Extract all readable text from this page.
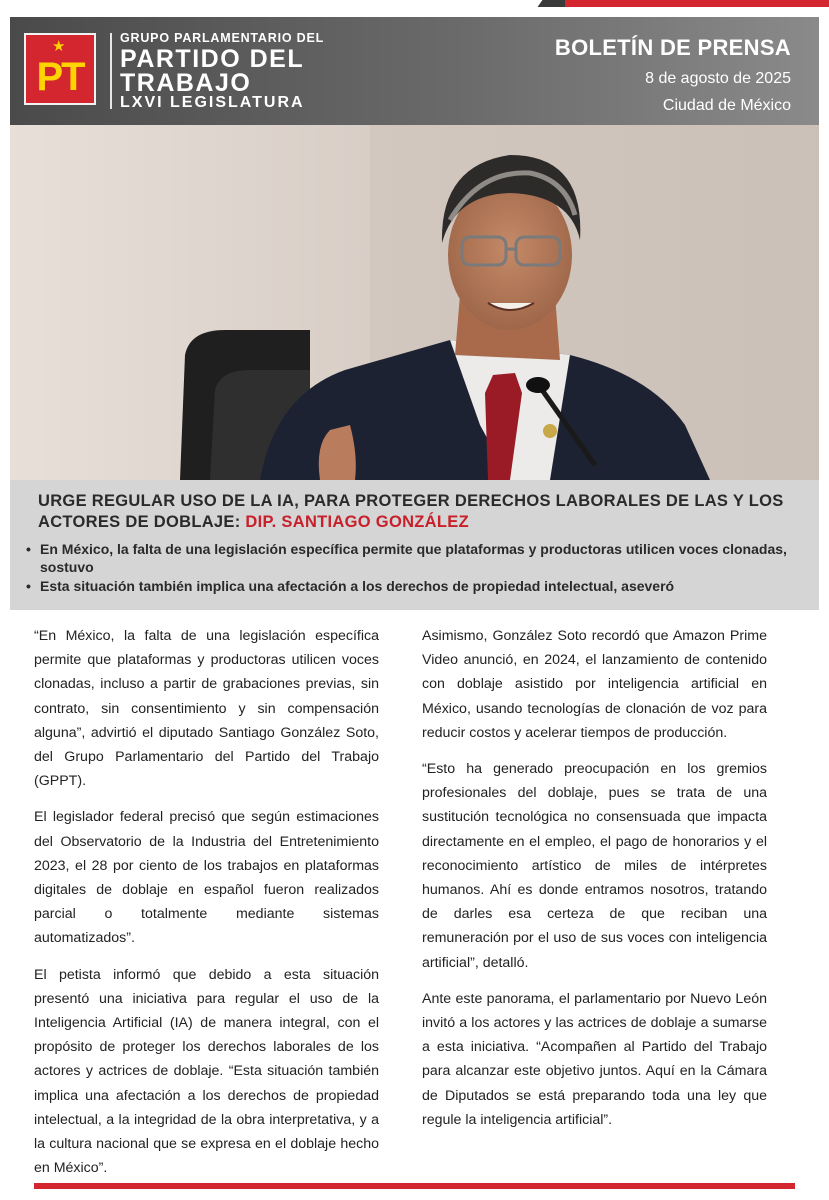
★
PT
GRUPO PARLAMENTARIO DEL
PARTIDO DEL
TRABAJO
LXVI LEGISLATURA
BOLETÍN DE PRENSA
8 de agosto de 2025
Ciudad de México
URGE REGULAR USO DE LA IA, PARA PROTEGER DERECHOS LABORALES DE LAS Y LOS ACTORES DE DOBLAJE: DIP. SANTIAGO GONZÁLEZ
• En México, la falta de una legislación específica permite que plataformas y productoras utilicen voces clonadas, sostuvo
• Esta situación también implica una afectación a los derechos de propiedad intelectual, aseveró

“En México, la falta de una legislación específica permite que plataformas y productoras utilicen voces clonadas, incluso a partir de grabaciones previas, sin contrato, sin consentimiento y sin compensación alguna”, advirtió el diputado Santiago González Soto, del Grupo Parlamentario del Partido del Trabajo (GPPT).

El legislador federal precisó que según estimaciones del Observatorio de la Industria del Entretenimiento 2023, el 28 por ciento de los trabajos en plataformas digitales de doblaje en español fueron realizados parcial o totalmente mediante sistemas automatizados”.

El petista informó que debido a esta situación presentó una iniciativa para regular el uso de la Inteligencia Artificial (IA) de manera integral, con el propósito de proteger los derechos laborales de los actores y actrices de doblaje. “Esta situación también implica una afectación a los derechos de propiedad intelectual, a la integridad de la obra interpretativa, y a la cultura nacional que se expresa en el doblaje hecho en México”.

Asimismo, González Soto recordó que Amazon Prime Video anunció, en 2024, el lanzamiento de contenido con doblaje asistido por inteligencia artificial en México, usando tecnologías de clonación de voz para reducir costos y acelerar tiempos de producción.

“Esto ha generado preocupación en los gremios profesionales del doblaje, pues se trata de una sustitución tecnológica no consensuada que impacta directamente en el empleo, el pago de honorarios y el reconocimiento artístico de miles de intérpretes humanos. Ahí es donde entramos nosotros, tratando de darles esa certeza de que reciban una remuneración por el uso de sus voces con inteligencia artificial”, detalló.

Ante este panorama, el parlamentario por Nuevo León invitó a los actores y las actrices de doblaje a sumarse a esta iniciativa. “Acompañen al Partido del Trabajo para alcanzar este objetivo juntos. Aquí en la Cámara de Diputados se está preparando toda una ley que regule la inteligencia artificial”.
